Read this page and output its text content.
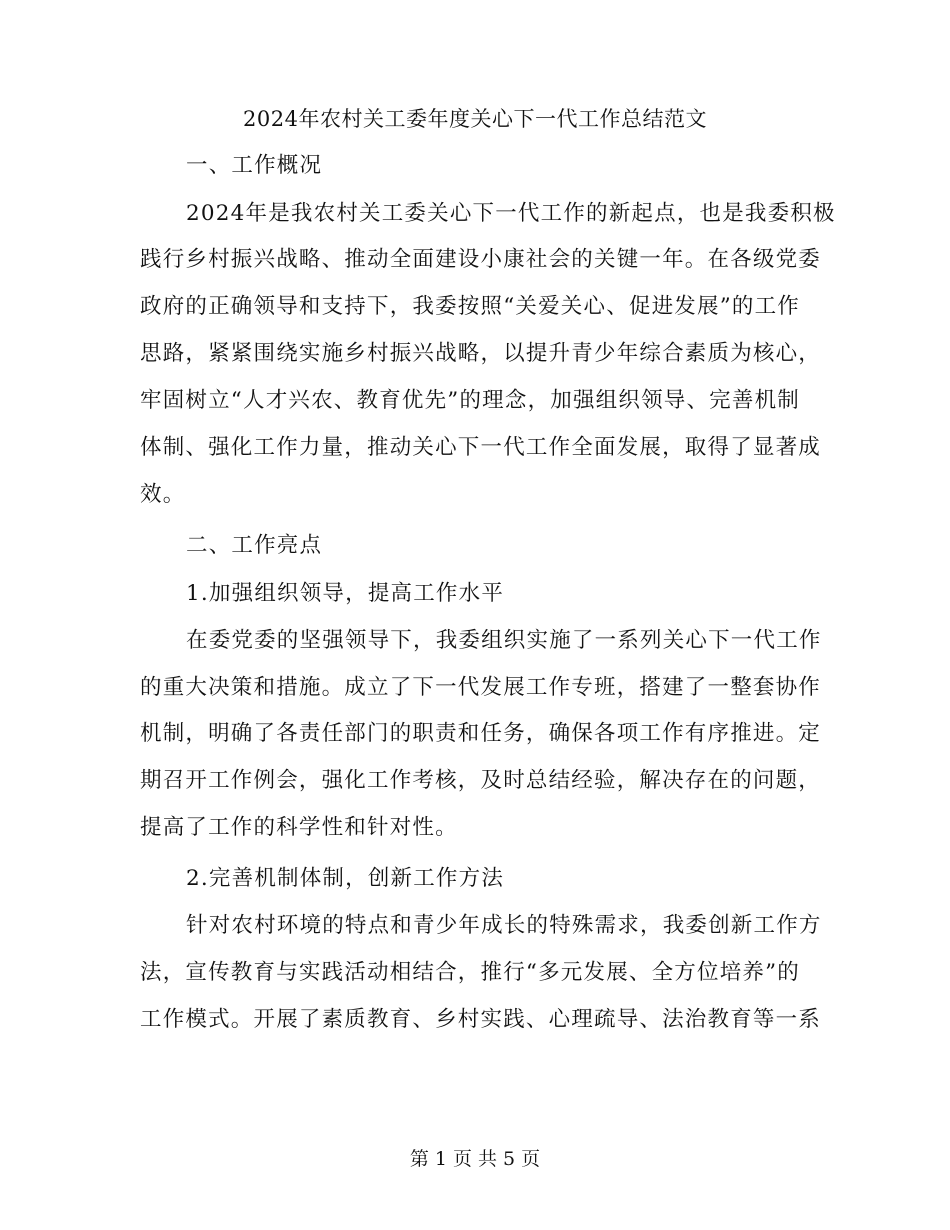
2024年农村关工委年度关心下一代工作总结范文
一、工作概况
2024年是我农村关工委关心下一代工作的新起点，也是我委积极
践行乡村振兴战略、推动全面建设小康社会的关键一年。在各级党委
政府的正确领导和支持下，我委按照“关爱关心、促进发展”的工作
思路，紧紧围绕实施乡村振兴战略，以提升青少年综合素质为核心，
牢固树立“人才兴农、教育优先”的理念，加强组织领导、完善机制
体制、强化工作力量，推动关心下一代工作全面发展，取得了显著成
效。
二、工作亮点
1.加强组织领导，提高工作水平
在委党委的坚强领导下，我委组织实施了一系列关心下一代工作
的重大决策和措施。成立了下一代发展工作专班，搭建了一整套协作
机制，明确了各责任部门的职责和任务，确保各项工作有序推进。定
期召开工作例会，强化工作考核，及时总结经验，解决存在的问题，
提高了工作的科学性和针对性。
2.完善机制体制，创新工作方法
针对农村环境的特点和青少年成长的特殊需求，我委创新工作方
法，宣传教育与实践活动相结合，推行“多元发展、全方位培养”的
工作模式。开展了素质教育、乡村实践、心理疏导、法治教育等一系
第 1 页 共 5 页
